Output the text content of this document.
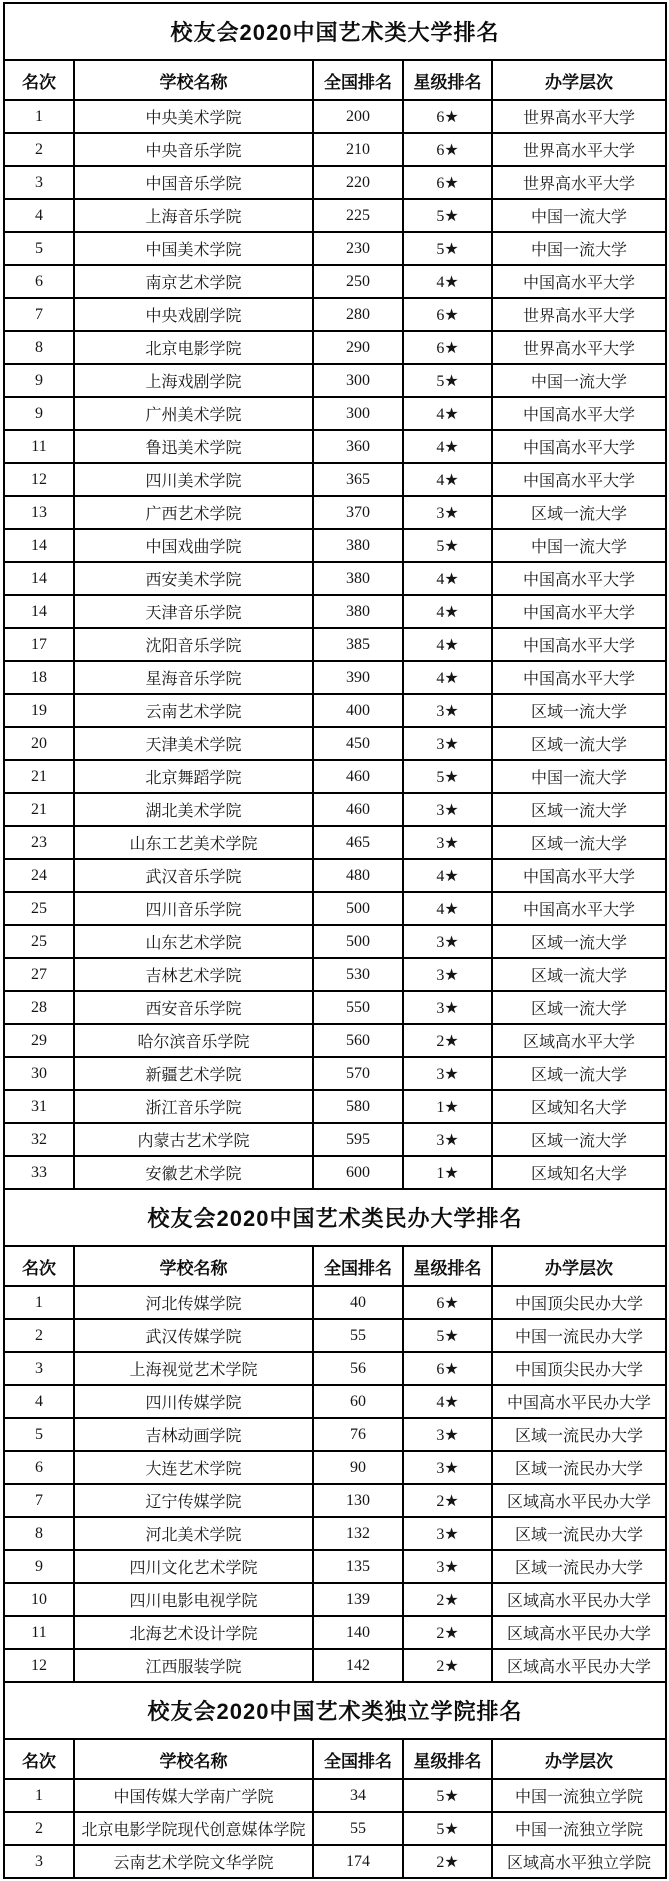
校友会2020中国艺术类大学排名				
名次	学校名称	全国排名	星级排名	办学层次
1	中央美术学院	200	6★	世界高水平大学
2	中央音乐学院	210	6★	世界高水平大学
3	中国音乐学院	220	6★	世界高水平大学
4	上海音乐学院	225	5★	中国一流大学
5	中国美术学院	230	5★	中国一流大学
6	南京艺术学院	250	4★	中国高水平大学
7	中央戏剧学院	280	6★	世界高水平大学
8	北京电影学院	290	6★	世界高水平大学
9	上海戏剧学院	300	5★	中国一流大学
9	广州美术学院	300	4★	中国高水平大学
11	鲁迅美术学院	360	4★	中国高水平大学
12	四川美术学院	365	4★	中国高水平大学
13	广西艺术学院	370	3★	区域一流大学
14	中国戏曲学院	380	5★	中国一流大学
14	西安美术学院	380	4★	中国高水平大学
14	天津音乐学院	380	4★	中国高水平大学
17	沈阳音乐学院	385	4★	中国高水平大学
18	星海音乐学院	390	4★	中国高水平大学
19	云南艺术学院	400	3★	区域一流大学
20	天津美术学院	450	3★	区域一流大学
21	北京舞蹈学院	460	5★	中国一流大学
21	湖北美术学院	460	3★	区域一流大学
23	山东工艺美术学院	465	3★	区域一流大学
24	武汉音乐学院	480	4★	中国高水平大学
25	四川音乐学院	500	4★	中国高水平大学
25	山东艺术学院	500	3★	区域一流大学
27	吉林艺术学院	530	3★	区域一流大学
28	西安音乐学院	550	3★	区域一流大学
29	哈尔滨音乐学院	560	2★	区域高水平大学
30	新疆艺术学院	570	3★	区域一流大学
31	浙江音乐学院	580	1★	区域知名大学
32	内蒙古艺术学院	595	3★	区域一流大学
33	安徽艺术学院	600	1★	区域知名大学
校友会2020中国艺术类民办大学排名				
名次	学校名称	全国排名	星级排名	办学层次
1	河北传媒学院	40	6★	中国顶尖民办大学
2	武汉传媒学院	55	5★	中国一流民办大学
3	上海视觉艺术学院	56	6★	中国顶尖民办大学
4	四川传媒学院	60	4★	中国高水平民办大学
5	吉林动画学院	76	3★	区域一流民办大学
6	大连艺术学院	90	3★	区域一流民办大学
7	辽宁传媒学院	130	2★	区域高水平民办大学
8	河北美术学院	132	3★	区域一流民办大学
9	四川文化艺术学院	135	3★	区域一流民办大学
10	四川电影电视学院	139	2★	区域高水平民办大学
11	北海艺术设计学院	140	2★	区域高水平民办大学
12	江西服装学院	142	2★	区域高水平民办大学
校友会2020中国艺术类独立学院排名				
名次	学校名称	全国排名	星级排名	办学层次
1	中国传媒大学南广学院	34	5★	中国一流独立学院
2	北京电影学院现代创意媒体学院	55	5★	中国一流独立学院
3	云南艺术学院文华学院	174	2★	区域高水平独立学院
